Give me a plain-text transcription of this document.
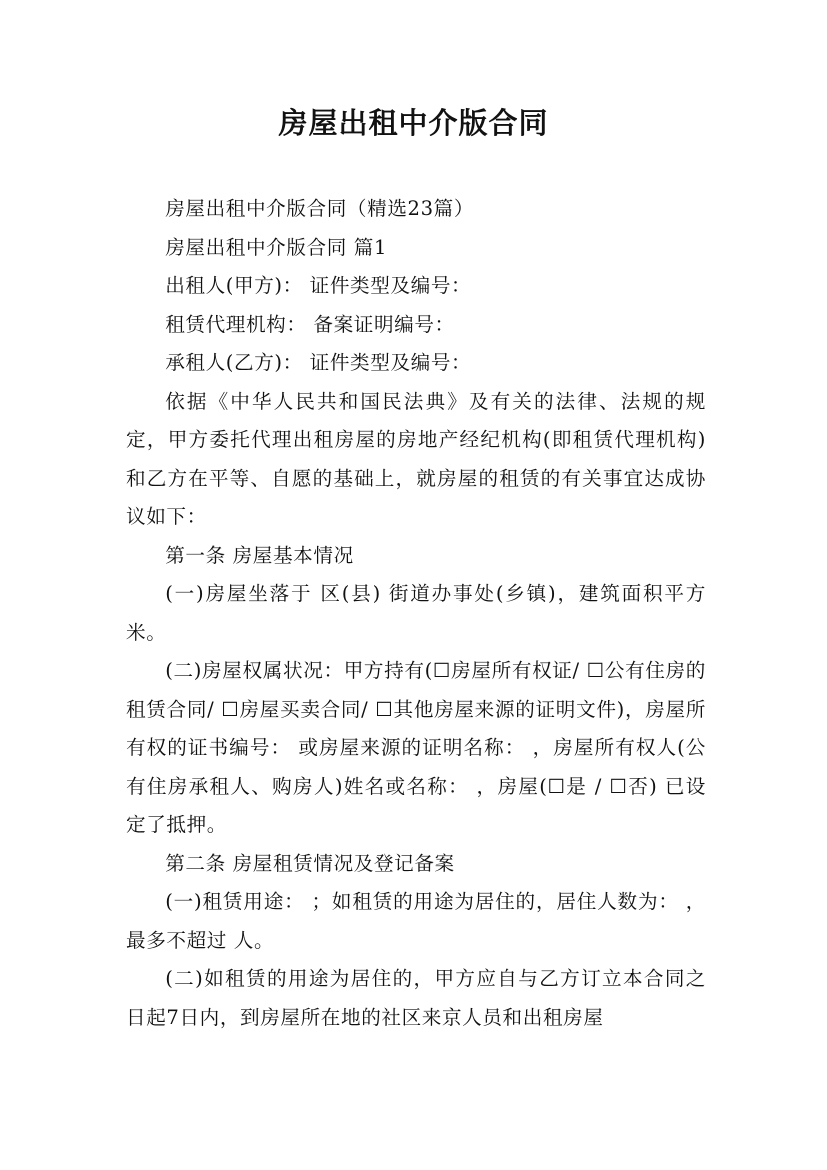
房屋出租中介版合同

房屋出租中介版合同（精选23篇）

房屋出租中介版合同 篇1

出租人(甲方)： 证件类型及编号：

租赁代理机构： 备案证明编号：

承租人(乙方)： 证件类型及编号：

依据《中华人民共和国民法典》及有关的法律、法规的规定，甲方委托代理出租房屋的房地产经纪机构(即租赁代理机构)和乙方在平等、自愿的基础上，就房屋的租赁的有关事宜达成协议如下：

第一条 房屋基本情况

(一)房屋坐落于 区(县) 街道办事处(乡镇)，建筑面积平方米。

(二)房屋权属状况：甲方持有(☐房屋所有权证/ ☐公有住房的租赁合同/ ☐房屋买卖合同/ ☐其他房屋来源的证明文件)，房屋所有权的证书编号： 或房屋来源的证明名称： ，房屋所有权人(公有住房承租人、购房人)姓名或名称： ，房屋(☐是 / ☐否) 已设定了抵押。

第二条 房屋租赁情况及登记备案

(一)租赁用途： ；如租赁的用途为居住的，居住人数为： ，最多不超过 人。

(二)如租赁的用途为居住的，甲方应自与乙方订立本合同之日起7日内，到房屋所在地的社区来京人员和出租房屋
